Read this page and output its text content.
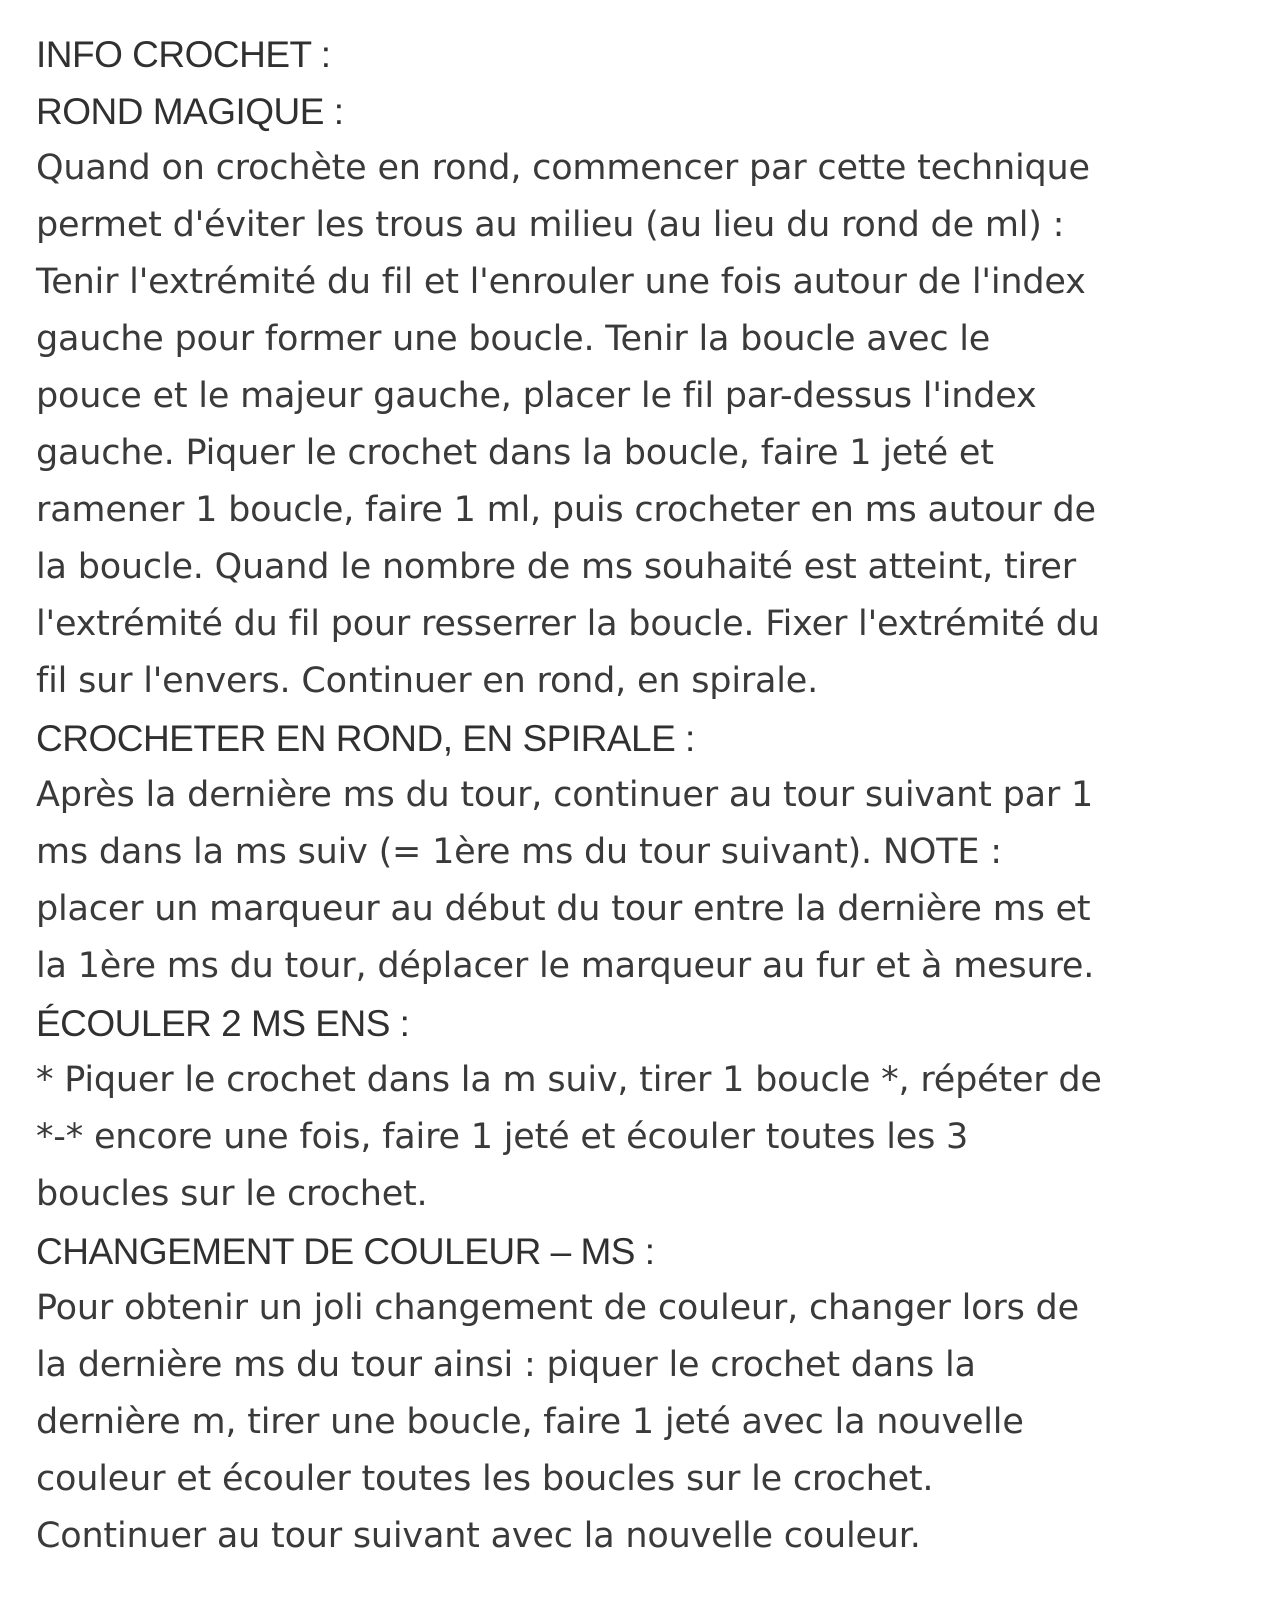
INFO CROCHET :
ROND MAGIQUE :
Quand on crochète en rond, commencer par cette technique
permet d'éviter les trous au milieu (au lieu du rond de ml) :
Tenir l'extrémité du fil et l'enrouler une fois autour de l'index
gauche pour former une boucle. Tenir la boucle avec le
pouce et le majeur gauche, placer le fil par-dessus l'index
gauche. Piquer le crochet dans la boucle, faire 1 jeté et
ramener 1 boucle, faire 1 ml, puis crocheter en ms autour de
la boucle. Quand le nombre de ms souhaité est atteint, tirer
l'extrémité du fil pour resserrer la boucle. Fixer l'extrémité du
fil sur l'envers. Continuer en rond, en spirale.
CROCHETER EN ROND, EN SPIRALE :
Après la dernière ms du tour, continuer au tour suivant par 1
ms dans la ms suiv (= 1ère ms du tour suivant). NOTE :
placer un marqueur au début du tour entre la dernière ms et
la 1ère ms du tour, déplacer le marqueur au fur et à mesure.
ÉCOULER 2 MS ENS :
* Piquer le crochet dans la m suiv, tirer 1 boucle *, répéter de
*-* encore une fois, faire 1 jeté et écouler toutes les 3
boucles sur le crochet.
CHANGEMENT DE COULEUR – MS :
Pour obtenir un joli changement de couleur, changer lors de
la dernière ms du tour ainsi : piquer le crochet dans la
dernière m, tirer une boucle, faire 1 jeté avec la nouvelle
couleur et écouler toutes les boucles sur le crochet.
Continuer au tour suivant avec la nouvelle couleur.
